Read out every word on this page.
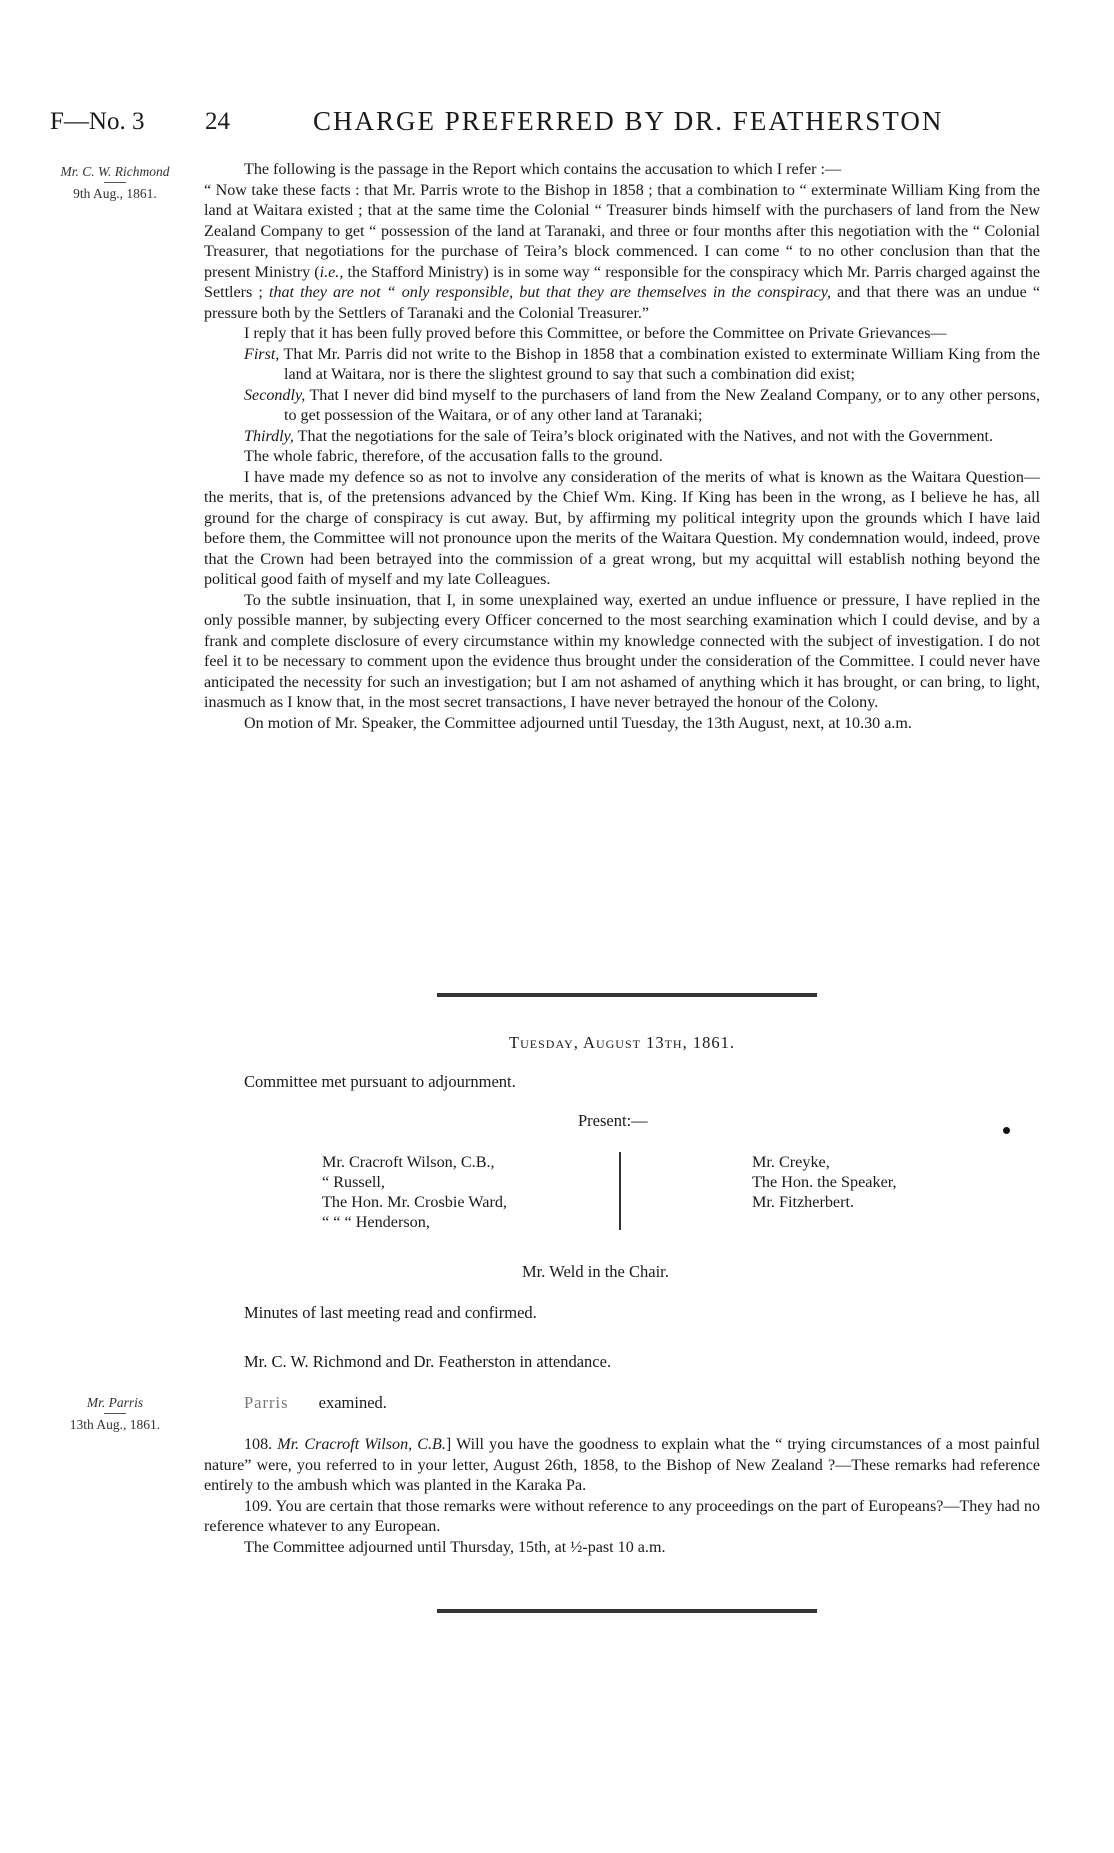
F—No. 3 24	CHARGE PREFERRED BY DR. FEATHERSTON
Mr. C. W. Richmond
9th Aug., 1861.

The following is the passage in the Report which contains the accusation to which I refer :—

“ Now take these facts : that Mr. Parris wrote to the Bishop in 1858 ; that a combination to “ exterminate William King from the land at Waitara existed ; that at the same time the Colonial “ Treasurer binds himself with the purchasers of land from the New Zealand Company to get “ possession of the land at Taranaki, and three or four months after this negotiation with the “ Colonial Treasurer, that negotiations for the purchase of Teira’s block commenced. I can come “ to no other conclusion than that the present Ministry (i.e., the Stafford Ministry) is in some way “ responsible for the conspiracy which Mr. Parris charged against the Settlers ; that they are not “ only responsible, but that they are themselves in the conspiracy, and that there was an undue “ pressure both by the Settlers of Taranaki and the Colonial Treasurer.”

I reply that it has been fully proved before this Committee, or before the Committee on Private Grievances—

First, That Mr. Parris did not write to the Bishop in 1858 that a combination existed to exterminate William King from the land at Waitara, nor is there the slightest ground to say that such a combination did exist;

Secondly, That I never did bind myself to the purchasers of land from the New Zealand Company, or to any other persons, to get possession of the Waitara, or of any other land at Taranaki;

Thirdly, That the negotiations for the sale of Teira’s block originated with the Natives, and not with the Government.

The whole fabric, therefore, of the accusation falls to the ground.

I have made my defence so as not to involve any consideration of the merits of what is known as the Waitara Question—the merits, that is, of the pretensions advanced by the Chief Wm. King. If King has been in the wrong, as I believe he has, all ground for the charge of conspiracy is cut away. But, by affirming my political integrity upon the grounds which I have laid before them, the Committee will not pronounce upon the merits of the Waitara Question. My condemnation would, indeed, prove that the Crown had been betrayed into the commission of a great wrong, but my acquittal will establish nothing beyond the political good faith of myself and my late Colleagues.

To the subtle insinuation, that I, in some unexplained way, exerted an undue influence or pressure, I have replied in the only possible manner, by subjecting every Officer concerned to the most searching examination which I could devise, and by a frank and complete disclosure of every circumstance within my knowledge connected with the subject of investigation. I do not feel it to be necessary to comment upon the evidence thus brought under the consideration of the Committee. I could never have anticipated the necessity for such an investigation; but I am not ashamed of anything which it has brought, or can bring, to light, inasmuch as I know that, in the most secret transactions, I have never betrayed the honour of the Colony.

On motion of Mr. Speaker, the Committee adjourned until Tuesday, the 13th August, next, at 10.30 a.m.

Tuesday, August 13th, 1861.
Committee met pursuant to adjournment.
Present:—
Mr. Cracroft Wilson, C.B.,
“ Russell,
The Hon. Mr. Crosbie Ward,
“ “ “ Henderson,
Mr. Creyke,
The Hon. the Speaker,
Mr. Fitzherbert.
Mr. Weld in the Chair.
Minutes of last meeting read and confirmed.
Mr. C. W. Richmond and Dr. Featherston in attendance.
Mr. Parris
13th Aug., 1861.
Parris examined.

108. Mr. Cracroft Wilson, C.B.] Will you have the goodness to explain what the “ trying circumstances of a most painful nature” were, you referred to in your letter, August 26th, 1858, to the Bishop of New Zealand ?—These remarks had reference entirely to the ambush which was planted in the Karaka Pa.

109. You are certain that those remarks were without reference to any proceedings on the part of Europeans?—They had no reference whatever to any European.

The Committee adjourned until Thursday, 15th, at ½-past 10 a.m.
